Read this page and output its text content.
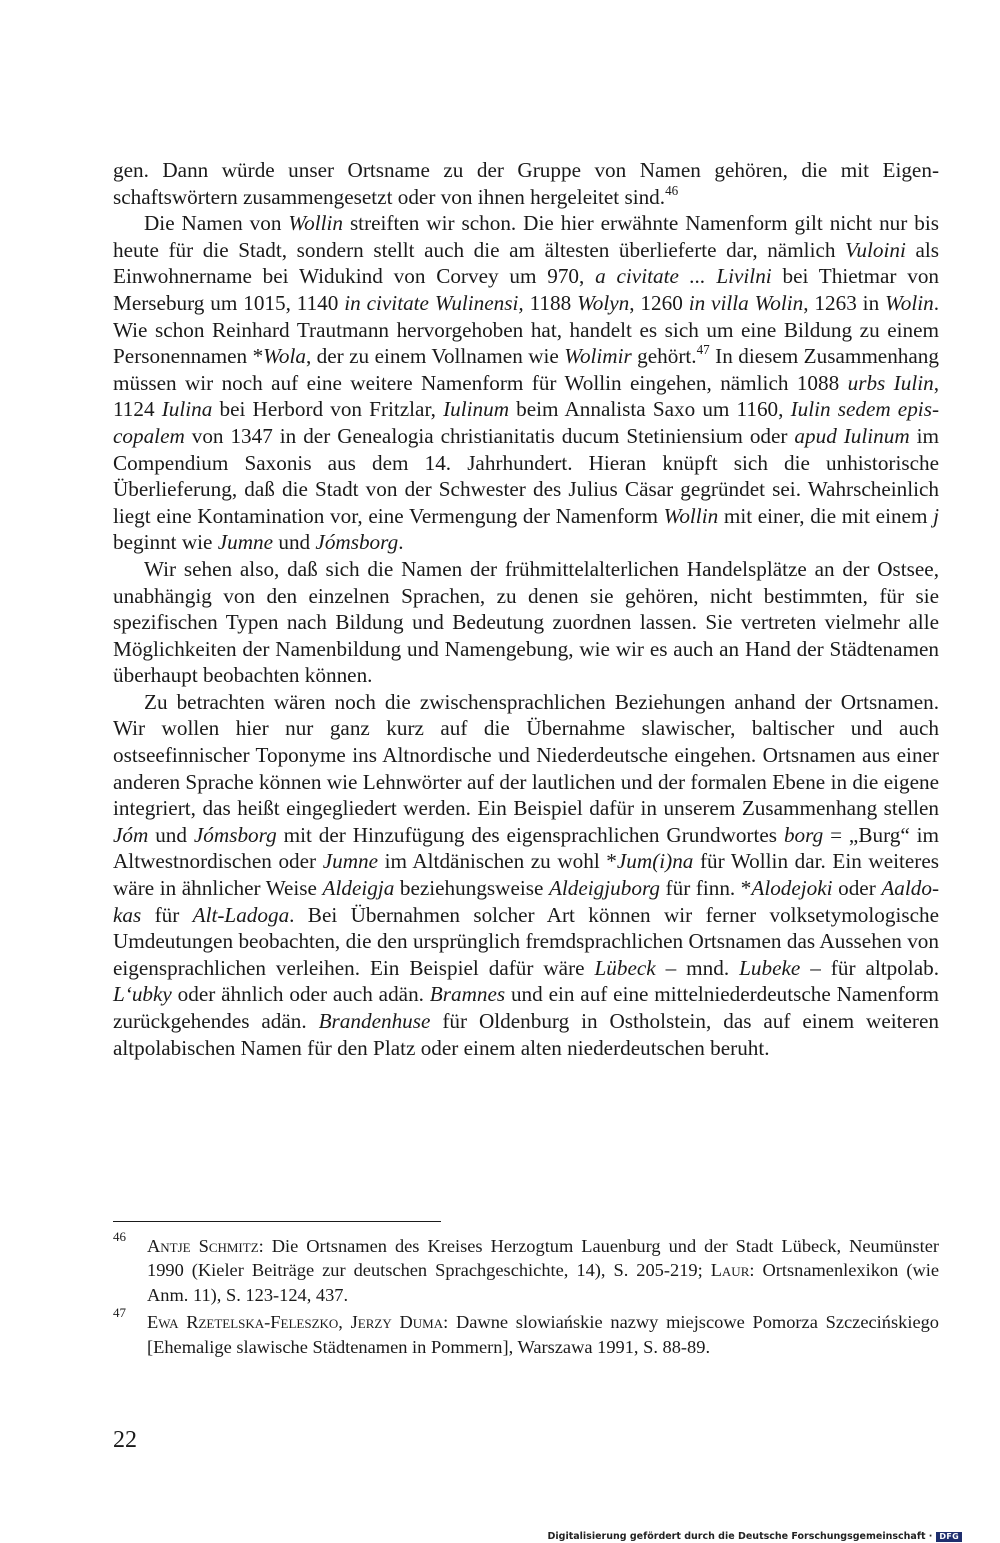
gen. Dann würde unser Ortsname zu der Gruppe von Namen gehören, die mit Eigenschaftswörtern zusammengesetzt oder von ihnen hergeleitet sind.$^{46}$

Die Namen von Wollin streiften wir schon. Die hier erwähnte Namenform gilt nicht nur bis heute für die Stadt, sondern stellt auch die am ältesten überlieferte dar, nämlich Vuloini als Einwohnername bei Widukind von Corvey um 970, a civitate ... Livilni bei Thietmar von Merseburg um 1015, 1140 in civitate Wulinensi, 1188 Wolyn, 1260 in villa Wolin, 1263 in Wolin. Wie schon Reinhard Trautmann hervorgehoben hat, handelt es sich um eine Bildung zu einem Personennamen *Wola, der zu einem Vollnamen wie Wolimir gehört.$^{47}$ In diesem Zusammenhang müssen wir noch auf eine weitere Namenform für Wollin eingehen, nämlich 1088 urbs Iulin, 1124 Iulina bei Herbord von Fritzlar, Iulinum beim Annalista Saxo um 1160, Iulin sedem episcopalem von 1347 in der Genealogia christianitatis ducum Stetiniensium oder apud Iulinum im Compendium Saxonis aus dem 14. Jahrhundert. Hieran knüpft sich die unhistorische Überlieferung, daß die Stadt von der Schwester des Julius Cäsar gegründet sei. Wahrscheinlich liegt eine Kontamination vor, eine Vermengung der Namenform Wollin mit einer, die mit einem j beginnt wie Jumne und Jómsborg.

Wir sehen also, daß sich die Namen der frühmittelalterlichen Handelsplätze an der Ostsee, unabhängig von den einzelnen Sprachen, zu denen sie gehören, nicht bestimmten, für sie spezifischen Typen nach Bildung und Bedeutung zuordnen lassen. Sie vertreten vielmehr alle Möglichkeiten der Namenbildung und Namengebung, wie wir es auch an Hand der Städtenamen überhaupt beobachten können.

Zu betrachten wären noch die zwischensprachlichen Beziehungen anhand der Ortsnamen. Wir wollen hier nur ganz kurz auf die Übernahme slawischer, baltischer und auch ostseefinnischer Toponyme ins Altnordische und Niederdeutsche eingehen. Ortsnamen aus einer anderen Sprache können wie Lehnwörter auf der lautlichen und der formalen Ebene in die eigene integriert, das heißt eingegliedert werden. Ein Beispiel dafür in unserem Zusammenhang stellen Jóm und Jómsborg mit der Hinzufügung des eigensprachlichen Grundwortes borg = „Burg“ im Altwestnordischen oder Jumne im Altdänischen zu wohl *Jum(i)na für Wollin dar. Ein weiteres wäre in ähnlicher Weise Aldeigja beziehungsweise Aldeigjuborg für finn. *Alodejoki oder Aaldokas für Alt-Ladoga. Bei Übernahmen solcher Art können wir ferner volksetymologische Umdeutungen beobachten, die den ursprünglich fremdsprachlichen Ortsnamen das Aussehen von eigensprachlichen verleihen. Ein Beispiel dafür wäre Lübeck – mnd. Lubeke – für altpolab. L‘ubky oder ähnlich oder auch adän. Bramnes und ein auf eine mittelniederdeutsche Namenform zurückgehendes adän. Brandenhuse für Oldenburg in Ostholstein, das auf einem weiteren altpolabischen Namen für den Platz oder einem alten niederdeutschen beruht.

46 Antje Schmitz: Die Ortsnamen des Kreises Herzogtum Lauenburg und der Stadt Lübeck, Neumünster 1990 (Kieler Beiträge zur deutschen Sprachgeschichte, 14), S. 205-219; Laur: Ortsnamenlexikon (wie Anm. 11), S. 123-124, 437.
47 Ewa Rzetelska-Feleszko, Jerzy Duma: Dawne slowiańskie nazwy miejscowe Pomorza Szczecińskiego [Ehemalige slawische Städtenamen in Pommern], Warszawa 1991, S. 88-89.
22
Digitalisierung gefördert durch die Deutsche Forschungsgemeinschaft · DFG
